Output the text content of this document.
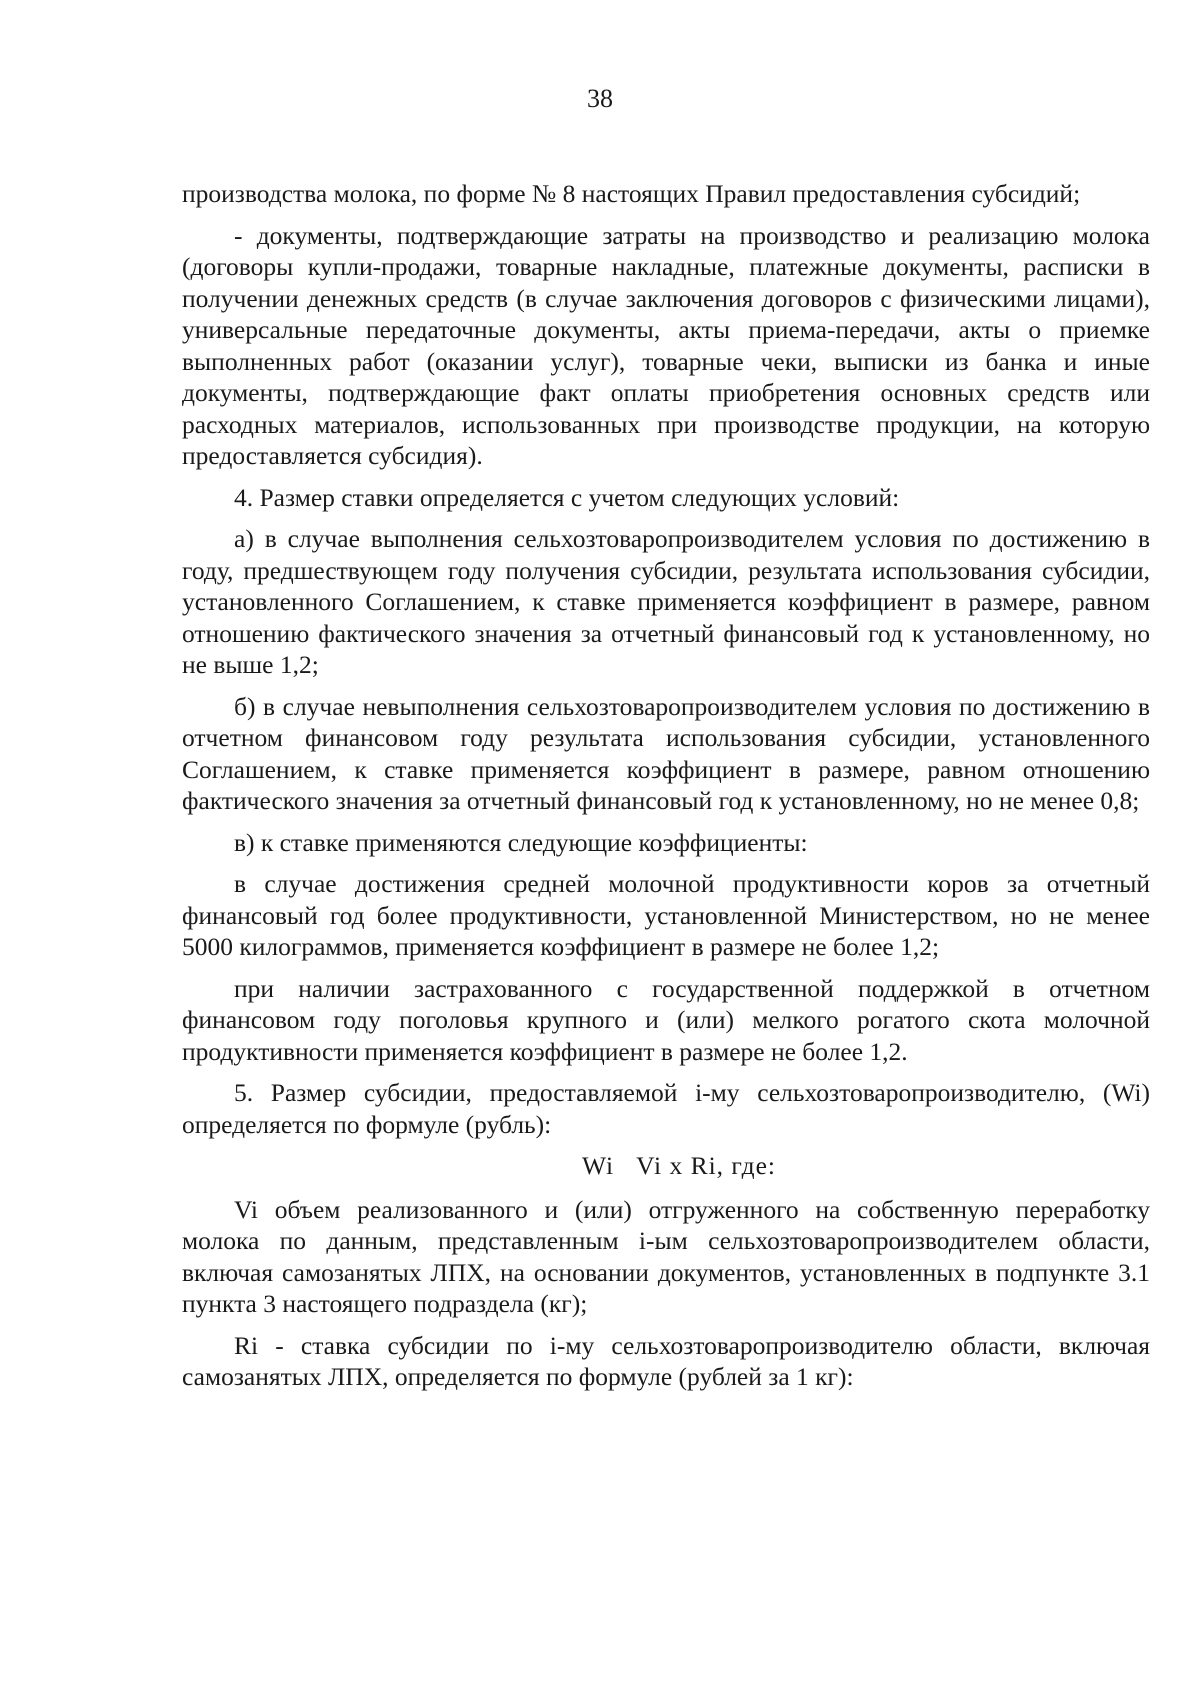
38

производства молока, по форме № 8 настоящих Правил предоставления субсидий;

- документы, подтверждающие затраты на производство и реализацию молока (договоры купли-продажи, товарные накладные, платежные документы, расписки в получении денежных средств (в случае заключения договоров с физическими лицами), универсальные передаточные документы, акты приема-передачи, акты о приемке выполненных работ (оказании услуг), товарные чеки, выписки из банка и иные документы, подтверждающие факт оплаты приобретения основных средств или расходных материалов, использованных при производстве продукции, на которую предоставляется субсидия).

4. Размер ставки определяется с учетом следующих условий:

а) в случае выполнения сельхозтоваропроизводителем условия по достижению в году, предшествующем году получения субсидии, результата использования субсидии, установленного Соглашением, к ставке применяется коэффициент в размере, равном отношению фактического значения за отчетный финансовый год к установленному, но не выше 1,2;

б) в случае невыполнения сельхозтоваропроизводителем условия по достижению в отчетном финансовом году результата использования субсидии, установленного Соглашением, к ставке применяется коэффициент в размере, равном отношению фактического значения за отчетный финансовый год к установленному, но не менее 0,8;

в) к ставке применяются следующие коэффициенты:

в случае достижения средней молочной продуктивности коров за отчетный финансовый год более продуктивности, установленной Министерством, но не менее 5000 килограммов, применяется коэффициент в размере не более 1,2;

при наличии застрахованного с государственной поддержкой в отчетном финансовом году поголовья крупного и (или) мелкого рогатого скота молочной продуктивности применяется коэффициент в размере не более 1,2.

5. Размер субсидии, предоставляемой i-му сельхозтоваропроизводителю, (Wi) определяется по формуле (рубль):

Wi Vi x Ri, где:

Vi объем реализованного и (или) отгруженного на собственную переработку молока по данным, представленным i-ым сельхозтоваропроизводителем области, включая самозанятых ЛПХ, на основании документов, установленных в подпункте 3.1 пункта 3 настоящего подраздела (кг);

Ri - ставка субсидии по i-му сельхозтоваропроизводителю области, включая самозанятых ЛПХ, определяется по формуле (рублей за 1 кг):
